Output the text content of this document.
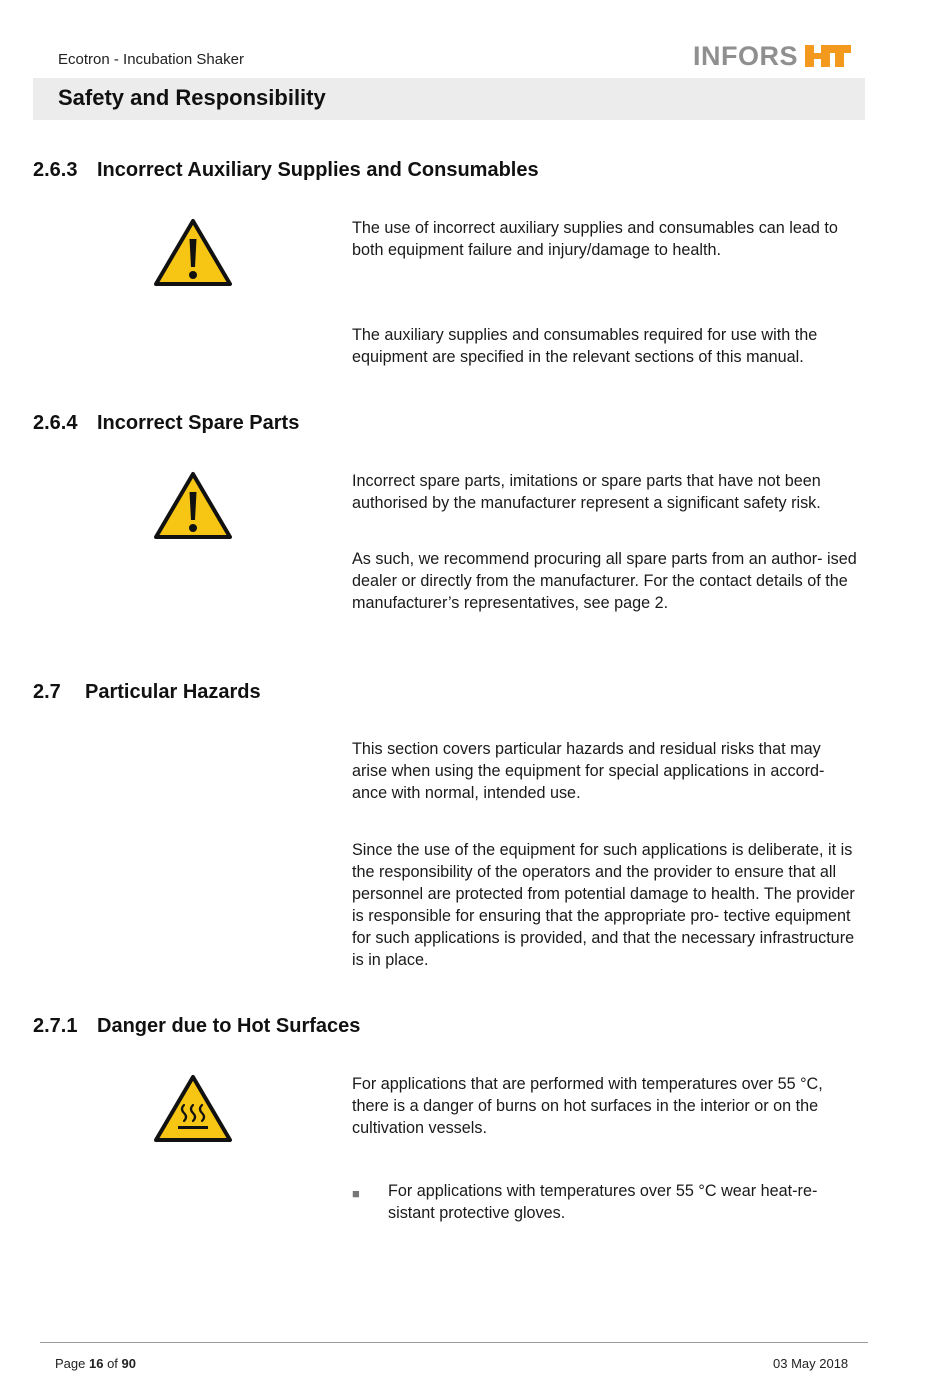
Ecotron - Incubation Shaker	INFORS
Safety and Responsibility
2.6.3 Incorrect Auxiliary Supplies and Consumables
The use of incorrect auxiliary supplies and consumables can lead to both equipment failure and injury/damage to health.
The auxiliary supplies and consumables required for use with the equipment are specified in the relevant sections of this manual.
2.6.4 Incorrect Spare Parts
Incorrect spare parts, imitations or spare parts that have not been authorised by the manufacturer represent a significant safety risk.
As such, we recommend procuring all spare parts from an author- ised dealer or directly from the manufacturer. For the contact details of the manufacturer’s representatives, see page 2.
2.7 Particular Hazards
This section covers particular hazards and residual risks that may arise when using the equipment for special applications in accord- ance with normal, intended use.
Since the use of the equipment for such applications is deliberate, it is the responsibility of the operators and the provider to ensure that all personnel are protected from potential damage to health. The provider is responsible for ensuring that the appropriate pro- tective equipment for such applications is provided, and that the necessary infrastructure is in place.
2.7.1 Danger due to Hot Surfaces
For applications that are performed with temperatures over 55 °C, there is a danger of burns on hot surfaces in the interior or on the cultivation vessels.
■ For applications with temperatures over 55 °C wear heat-re- sistant protective gloves.
Page 16 of 90	03 May 2018
